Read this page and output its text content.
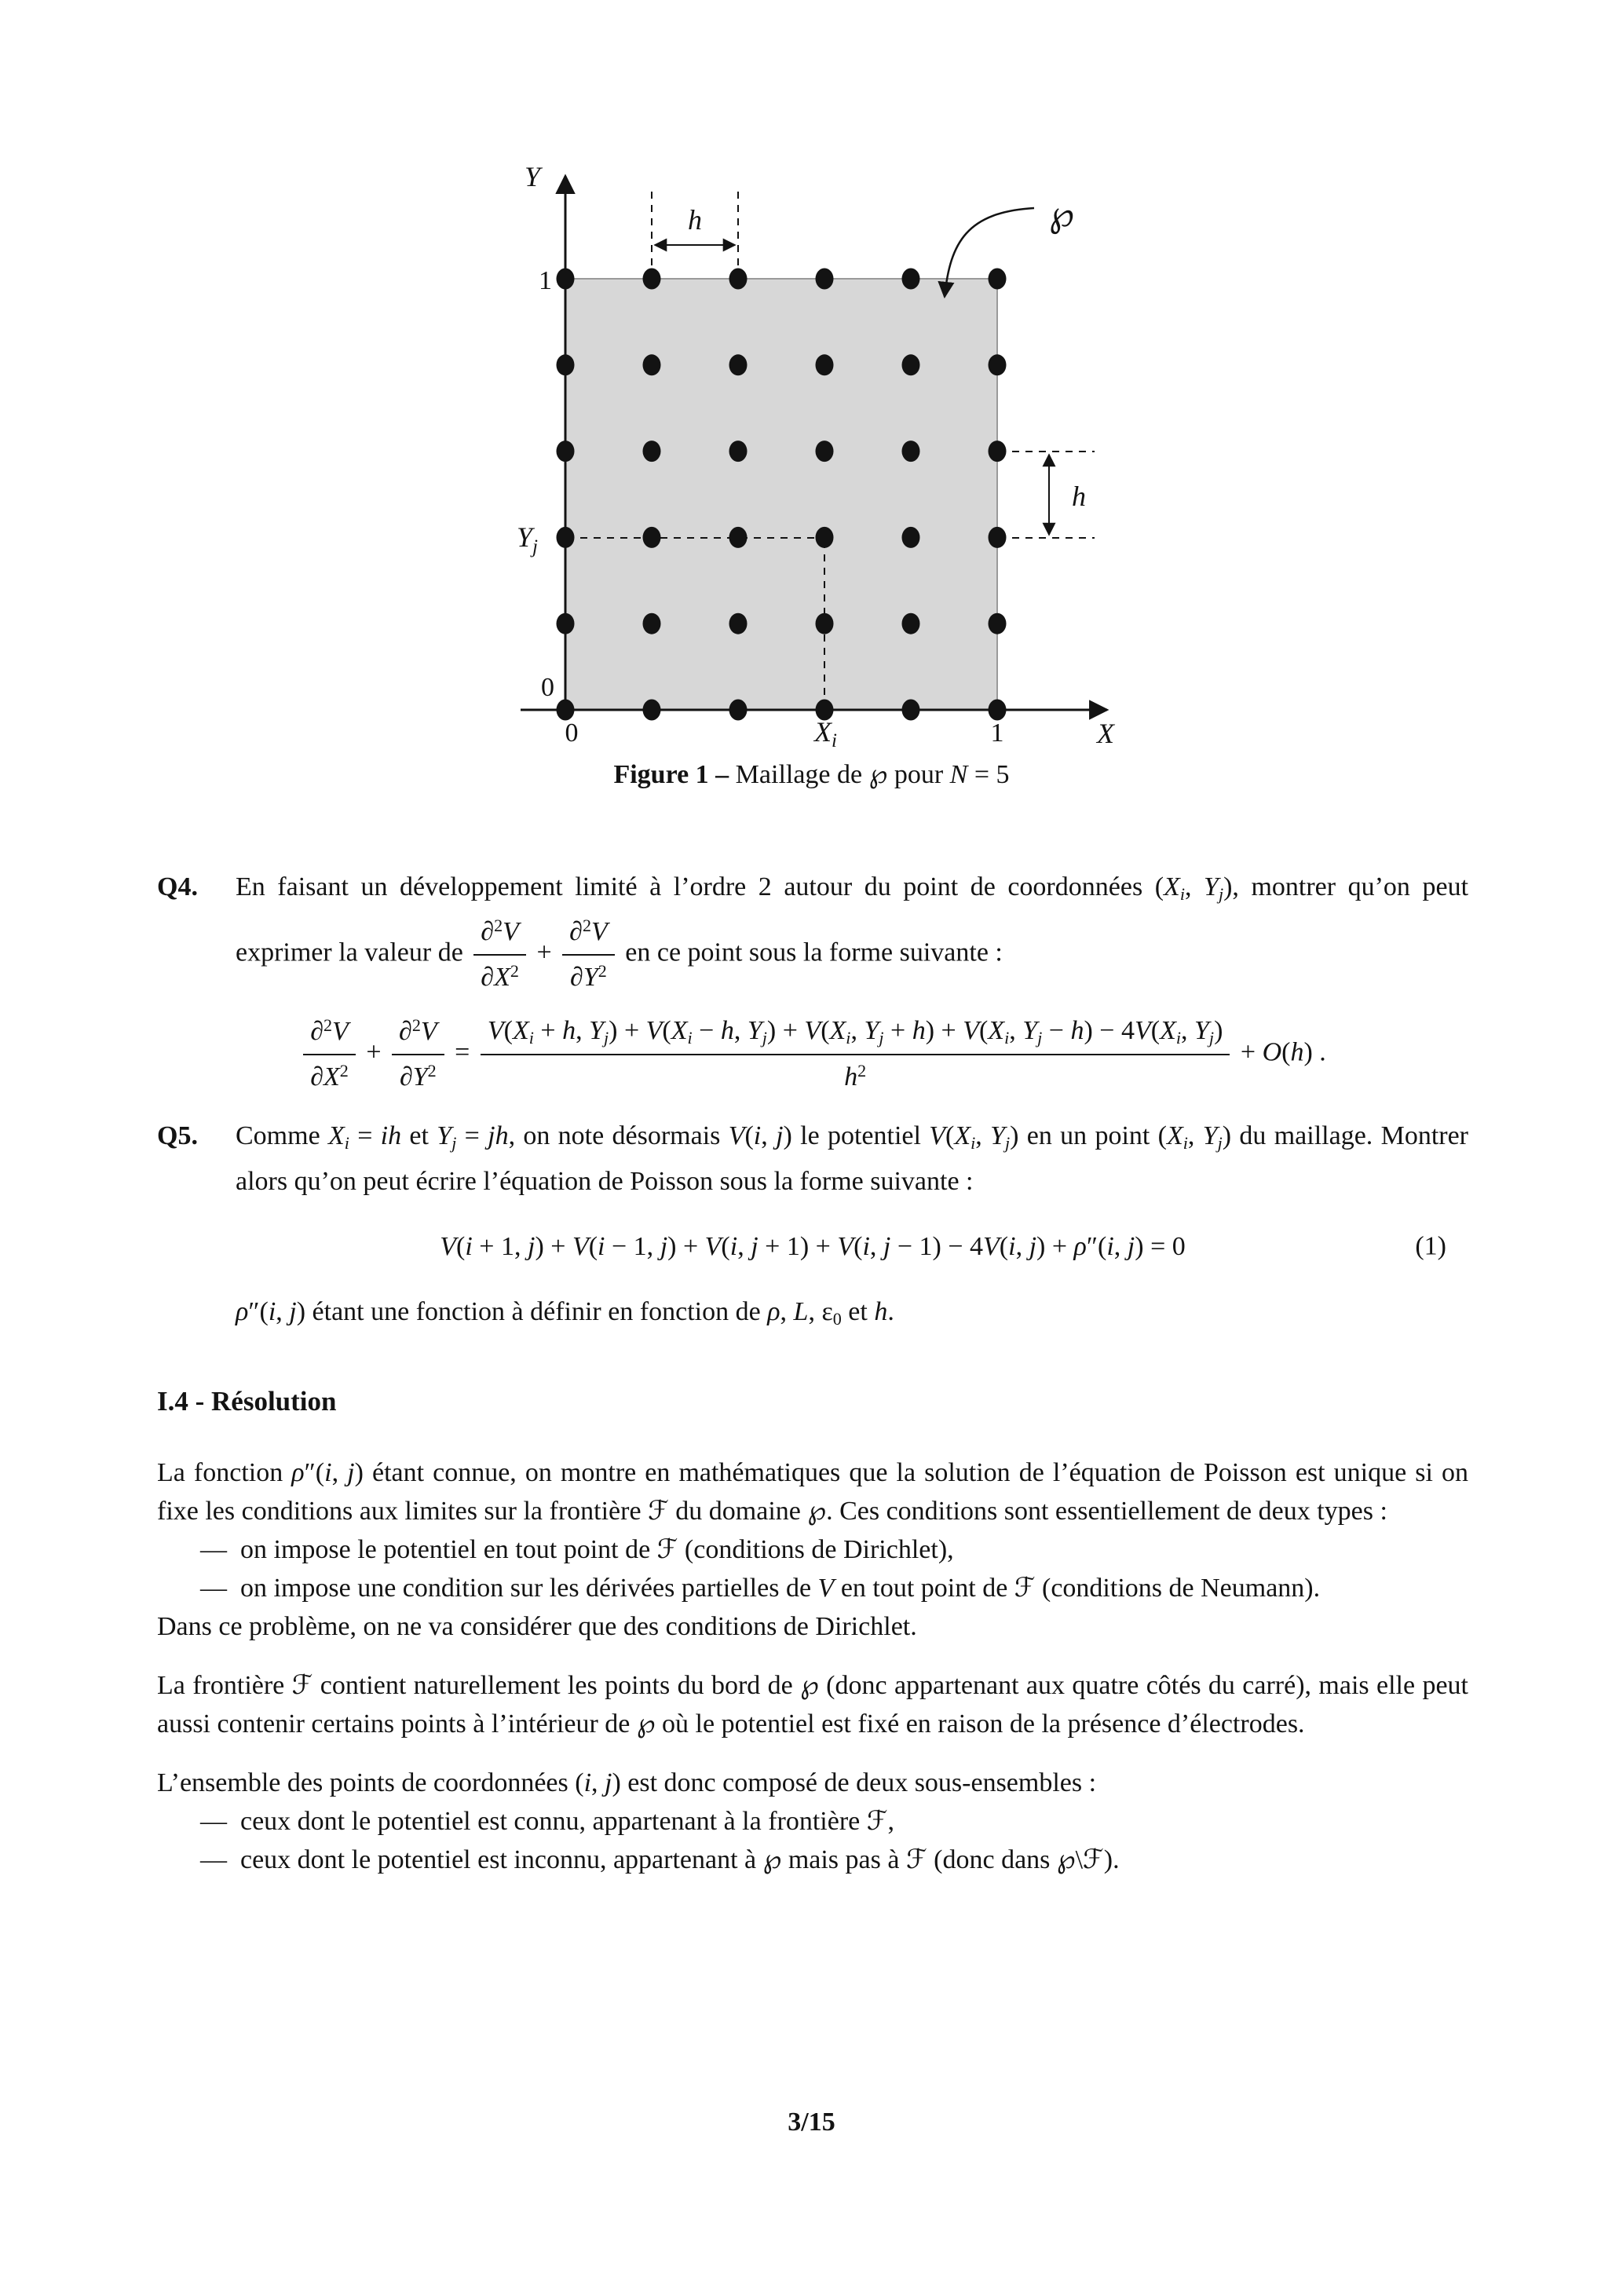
h
h
℘
Y
X
1
0
0	1
Xi
$Y_j$
Figure 1 – Maillage de ℘ pour N = 5
Q4.	En faisant un développement limité à l’ordre 2 autour du point de coordonnées ($X_i$, $Y_j$), montrer qu’on peut exprimer la valeur de $\frac{\partial^2V}{\partial X^2} + \frac{\partial^2V}{\partial Y^2}$ en ce point sous la forme suivante :
$\frac{\partial^2V}{\partial X^2} + \frac{\partial^2V}{\partial Y^2}$ =
$V(X_i + h$, $Y_j) + V(X_i - h$, $Y_j) + V(X_i$, $Y_j + h) + V(X_i$, $Y_j - h) - 4V(X_i$, $Y_j$)
$h^2$
+ O(h) .
Q5.	Comme $X_i$ = ih et $Y_j$ = jh, on note désormais V(i, j) le potentiel $V(X_i$, $Y_j$) en un point ($X_i$, $Y_j$) du maillage. Montrer alors qu’on peut écrire l’équation de Poisson sous la forme suivante :
V(i + 1, j) + V(i − 1, j) + V(i, j + 1) + V(i, j − 1) − 4V(i, j) + ρ″(i, j) = 0	(1)
ρ″(i, j) étant une fonction à définir en fonction de ρ, L, $\varepsilon_0$ et h.
I.4 - Résolution
La fonction ρ″(i, j) étant connue, on montre en mathématiques que la solution de l’équation de Poisson est unique si on fixe les conditions aux limites sur la frontière ℱ du domaine ℘. Ces conditions sont essentiellement de deux types :
— on impose le potentiel en tout point de ℱ (conditions de Dirichlet),
— on impose une condition sur les dérivées partielles de V en tout point de ℱ (conditions de Neumann).
Dans ce problème, on ne va considérer que des conditions de Dirichlet.
La frontière ℱ contient naturellement les points du bord de ℘ (donc appartenant aux quatre côtés du carré), mais elle peut aussi contenir certains points à l’intérieur de ℘ où le potentiel est fixé en raison de la présence d’électrodes.
L’ensemble des points de coordonnées (i, j) est donc composé de deux sous-ensembles :
— ceux dont le potentiel est connu, appartenant à la frontière ℱ,
— ceux dont le potentiel est inconnu, appartenant à ℘ mais pas à ℱ (donc dans ℘\ℱ).
3/15
